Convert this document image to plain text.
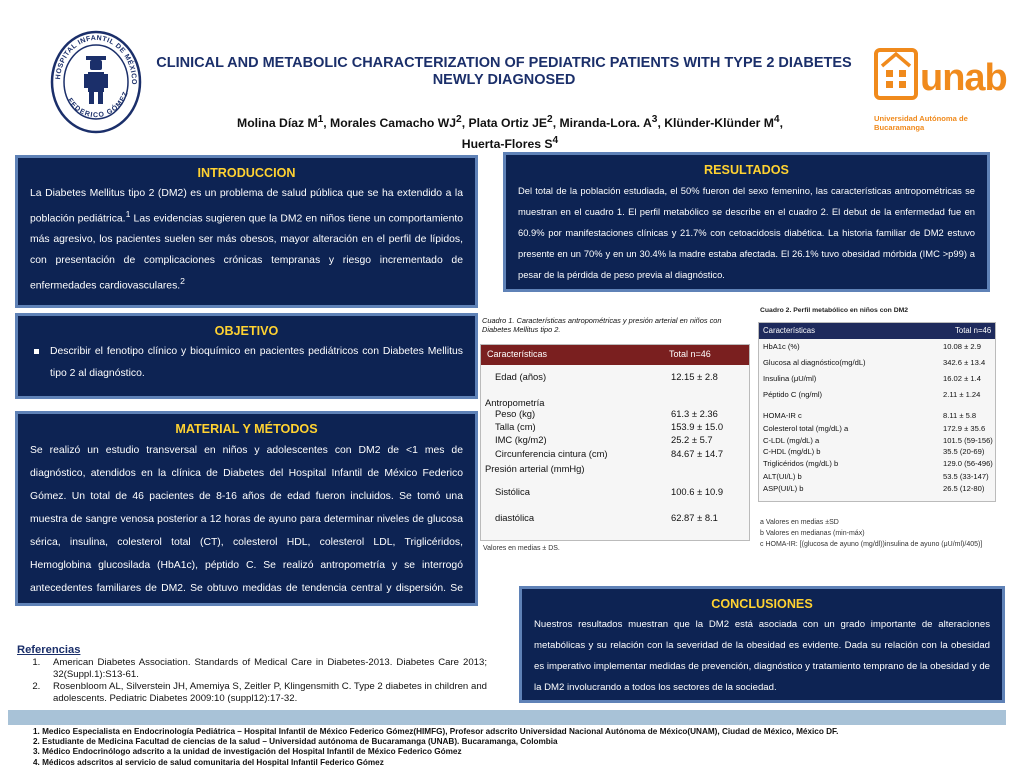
HOSPITAL INFANTIL DE MÉXICO
FEDERICO GÓMEZ	unab
Universidad Autónoma de Bucaramanga
CLINICAL AND METABOLIC CHARACTERIZATION OF PEDIATRIC PATIENTS WITH TYPE 2 DIABETES NEWLY DIAGNOSED
Molina Díaz $M^1$, Morales Camacho $WJ^2$, Plata Ortiz $JE^2$, Miranda-Lora. $A^3$, Klünder-Klünder $M^4$,
Huerta-Flores $S^4$
INTRODUCCION

La Diabetes Mellitus tipo 2 (DM2) es un problema de salud pública que se ha extendido a la población pediátrica.$^1$ Las evidencias sugieren que la DM2 en niños tiene un comportamiento más agresivo, los pacientes suelen ser más obesos, mayor alteración en el perfil de lípidos, con presentación de complicaciones crónicas tempranas y riesgo incrementado de enfermedades cardiovasculares.$^2$

OBJETIVO
Describir el fenotipo clínico y bioquímico en pacientes pediátricos con Diabetes Mellitus tipo 2 al diagnóstico.
MATERIAL Y MÉTODOS

Se realizó un estudio transversal en niños y adolescentes con DM2 de <1 mes de diagnóstico, atendidos en la clínica de Diabetes del Hospital Infantil de México Federico Gómez. Un total de 46 pacientes de 8-16 años de edad fueron incluidos. Se tomó una muestra de sangre venosa posterior a 12 horas de ayuno para determinar niveles de glucosa sérica, insulina, colesterol total (CT), colesterol HDL, colesterol LDL, Triglicéridos, Hemoglobina glucosilada (HbA1c), péptido C. Se realizó antropometría y se interrogó antecedentes familiares de DM2. Se obtuvo medidas de tendencia central y dispersión. Se usó el programa SPSS versión 20.0.

RESULTADOS

Del total de la población estudiada, el 50% fueron del sexo femenino, las características antropométricas se muestran en el cuadro 1. El perfil metabólico se describe en el cuadro 2. El debut de la enfermedad fue en 60.9% por manifestaciones clínicas y 21.7% con cetoacidosis diabética. La historia familiar de DM2 estuvo presente en un 70% y en un 30.4% la madre estaba afectada. El 26.1% tuvo obesidad mórbida (IMC >p99) a pesar de la pérdida de peso previa al diagnóstico.

Cuadro 1. Características antropométricas y presión arterial en niños con Diabetes Mellitus tipo 2.
Características	Total n=46
Edad (años)	12.15 ± 2.8
Antropometría
Peso (kg)	61.3 ± 2.36
Talla (cm)	153.9 ± 15.0
IMC (kg/m2)	25.2 ± 5.7
Circunferencia cintura (cm)	84.67 ± 14.7
Presión arterial (mmHg)
Sistólica	100.6 ± 10.9
diastólica	62.87 ± 8.1
Valores en medias ± DS.
Cuadro 2. Perfil metabólico en niños con DM2
Características	Total n=46
HbA1c (%)	10.08 ± 2.9
Glucosa al diagnóstico(mg/dL)	342.6 ± 13.4
Insulina (μU/ml)	16.02 ± 1.4
Péptido C (ng/ml)	2.11 ± 1.24
HOMA-IR c	8.11 ± 5.8
Colesterol total (mg/dL) a	172.9 ± 35.6
C-LDL (mg/dL) a	101.5 (59-156)
C-HDL (mg/dL) b	35.5 (20-69)
Triglicéridos (mg/dL) b	129.0 (56-496)
ALT(UI/L) b	53.5 (33-147)
ASP(UI/L) b	26.5 (12-80)
a Valores en medias ±SD
b Valores en medianas (min-máx)
c HOMA-IR: [(glucosa de ayuno (mg/dl))insulina de ayuno (μU/ml)/405)]
CONCLUSIONES

Nuestros resultados muestran que la DM2 está asociada con un grado importante de alteraciones metabólicas y su relación con la severidad de la obesidad es evidente. Dada su relación con la obesidad es imperativo implementar medidas de prevención, diagnóstico y tratamiento temprano de la obesidad y de la DM2 involucrando a todos los sectores de la sociedad.

Referencias
1. American Diabetes Association. Standards of Medical Care in Diabetes-2013. Diabetes Care 2013; 32(Suppl.1):S13-61.
2. Rosenbloom AL, Silverstein JH, Amemiya S, Zeitler P, Klingensmith C. Type 2 diabetes in children and adolescents. Pediatric Diabetes 2009:10 (suppl12):17-32.
1. Medico Especialista en Endocrinología Pediátrica – Hospital Infantil de México Federico Gómez(HIMFG), Profesor adscrito Universidad Nacional Autónoma de México(UNAM), Ciudad de México, México DF.
2. Estudiante de Medicina Facultad de ciencias de la salud – Universidad autónoma de Bucaramanga (UNAB). Bucaramanga, Colombia
3. Médico Endocrinólogo adscrito a la unidad de investigación del Hospital Infantil de México Federico Gómez
4. Médicos adscritos al servicio de salud comunitaria del Hospital Infantil Federico Gómez
